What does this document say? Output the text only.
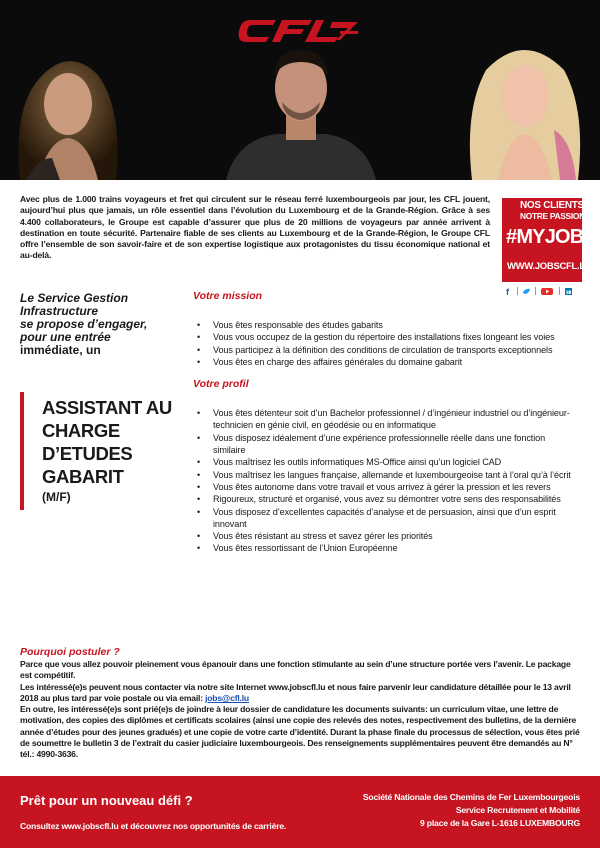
Avec plus de 1.000 trains voyageurs et fret qui circulent sur le réseau ferré luxembourgeois par jour, les CFL jouent, aujourd’hui plus que jamais, un rôle essentiel dans l’évolution du Luxembourg et de la Grande-Région. Grâce à ses 4.400 collaborateurs, le Groupe est capable d’assurer que plus de 20 millions de voyageurs par année arrivent à destination en toute sécurité. Partenaire fiable de ses clients au Luxembourg et de la Grande-Région, le Groupe CFL offre l’ensemble de son savoir-faire et de son expertise logistique aux protagonistes du tissu économique national et au-delà.

NOS CLIENTS
NOTRE PASSION
#MYJOB
WWW.JOBSCFL.LU
f
Le Service Gestion
Infrastructure
se propose d’engager,
pour une entrée
immédiate, un
ASSISTANT AU
CHARGE
D’ETUDES
GABARIT
(M/F)
Votre mission
• Vous êtes responsable des études gabarits
• Vous vous occupez de la gestion du répertoire des installations fixes longeant les voies
• Vous participez à la définition des conditions de circulation de transports exceptionnels
• Vous êtes en charge des affaires générales du domaine gabarit
Votre profil
• Vous êtes détenteur soit d’un Bachelor professionnel / d’ingénieur industriel ou d’ingénieur-technicien en génie civil, en géodésie ou en informatique
• Vous disposez idéalement d’une expérience professionnelle réelle dans une fonction similaire
• Vous maîtrisez les outils informatiques MS-Office ainsi qu’un logiciel CAD
• Vous maîtrisez les langues française, allemande et luxembourgeoise tant à l’oral qu’à l’écrit
• Vous êtes autonome dans votre travail et vous arrivez à gérer la pression et les revers
• Rigoureux, structuré et organisé, vous avez su démontrer votre sens des responsabilités
• Vous disposez d’excellentes capacités d’analyse et de persuasion, ainsi que d’un esprit innovant
• Vous êtes résistant au stress et savez gérer les priorités
• Vous êtes ressortissant de l’Union Européenne
Pourquoi postuler ?

Parce que vous allez pouvoir pleinement vous épanouir dans une fonction stimulante au sein d’une structure portée vers l’avenir. Le package est compétitif.

Les intéressé(e)s peuvent nous contacter via notre site Internet www.jobscfl.lu et nous faire parvenir leur candidature détaillée pour le 13 avril 2018 au plus tard par voie postale ou via email: jobs@cfl.lu

En outre, les intéressé(e)s sont prié(e)s de joindre à leur dossier de candidature les documents suivants: un curriculum vitae, une lettre de motivation, des copies des diplômes et certificats scolaires (ainsi une copie des relevés des notes, respectivement des bulletins, de la dernière année d’études pour des jeunes gradués) et une copie de votre carte d’identité. Durant la phase finale du processus de sélection, vous êtes prié de soumettre le bulletin 3 de l’extrait du casier judiciaire luxembourgeois. Des renseignements supplémentaires peuvent être demandés au N° tél.: 4990-3636.

Prêt pour un nouveau défi ?
Consultez www.jobscfl.lu et découvrez nos opportunités de carrière.
Société Nationale des Chemins de Fer Luxembourgeois
Service Recrutement et Mobilité
9 place de la Gare L-1616 LUXEMBOURG
